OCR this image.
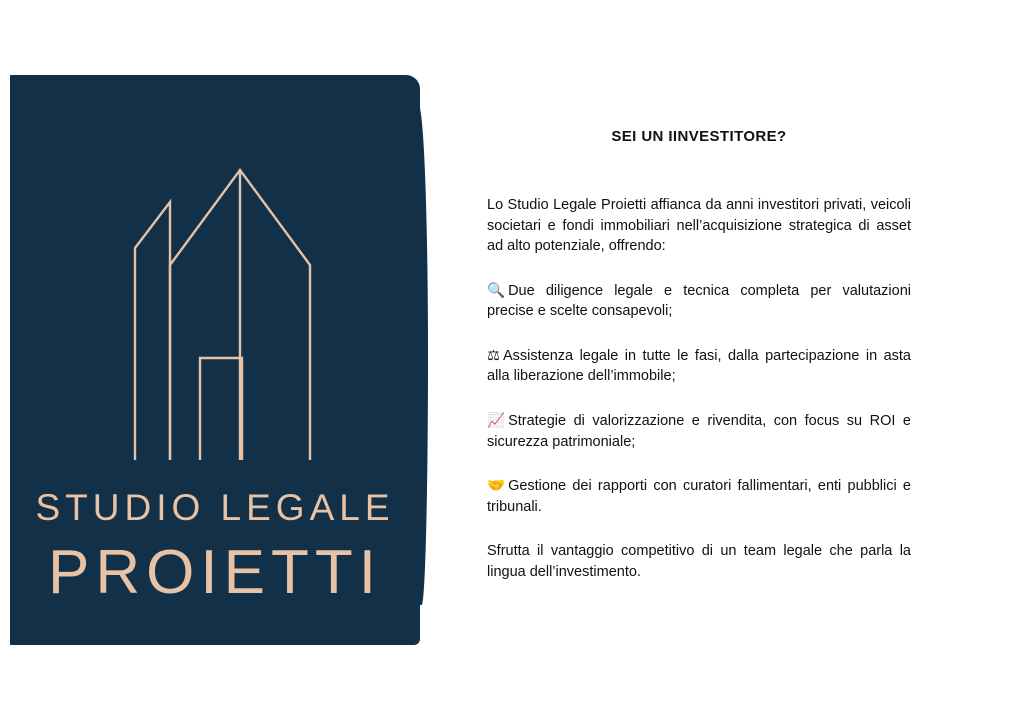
STUDIO LEGALE
PROIETTI
SEI UN IINVESTITORE?

Lo Studio Legale Proietti affianca da anni investitori privati, veicoli societari e fondi immobiliari nell’acquisizione strategica di asset ad alto potenziale, offrendo:

🔍 Due diligence legale e tecnica completa per valutazioni precise e scelte consapevoli;

⚖ Assistenza legale in tutte le fasi, dalla partecipazione in asta alla liberazione dell’immobile;

📈 Strategie di valorizzazione e rivendita, con focus su ROI e sicurezza patrimoniale;

🤝 Gestione dei rapporti con curatori fallimentari, enti pubblici e tribunali.

Sfrutta il vantaggio competitivo di un team legale che parla la lingua dell’investimento.
